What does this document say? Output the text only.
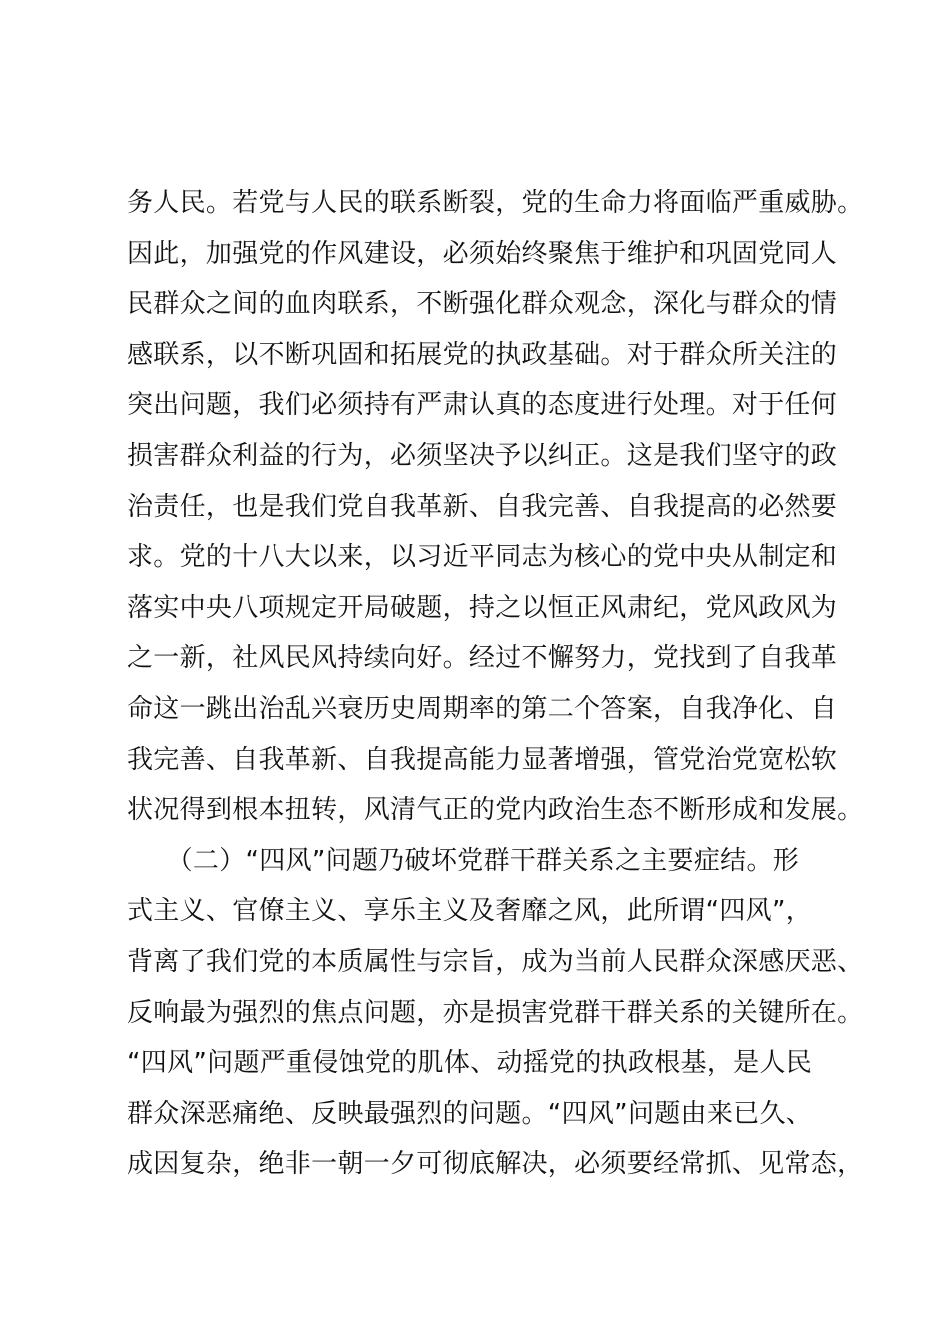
务人民。若党与人民的联系断裂，党的生命力将面临严重威胁。
因此，加强党的作风建设，必须始终聚焦于维护和巩固党同人
民群众之间的血肉联系，不断强化群众观念，深化与群众的情
感联系，以不断巩固和拓展党的执政基础。对于群众所关注的
突出问题，我们必须持有严肃认真的态度进行处理。对于任何
损害群众利益的行为，必须坚决予以纠正。这是我们坚守的政
治责任，也是我们党自我革新、自我完善、自我提高的必然要
求。党的十八大以来，以习近平同志为核心的党中央从制定和
落实中央八项规定开局破题，持之以恒正风肃纪，党风政风为
之一新，社风民风持续向好。经过不懈努力，党找到了自我革
命这一跳出治乱兴衰历史周期率的第二个答案，自我净化、自
我完善、自我革新、自我提高能力显著增强，管党治党宽松软
状况得到根本扭转，风清气正的党内政治生态不断形成和发展。
　　（二）“四风”问题乃破坏党群干群关系之主要症结。形
式主义、官僚主义、享乐主义及奢靡之风，此所谓“四风”，
背离了我们党的本质属性与宗旨，成为当前人民群众深感厌恶、
反响最为强烈的焦点问题，亦是损害党群干群关系的关键所在。
“四风”问题严重侵蚀党的肌体、动摇党的执政根基，是人民
群众深恶痛绝、反映最强烈的问题。“四风”问题由来已久、
成因复杂，绝非一朝一夕可彻底解决，必须要经常抓、见常态，
